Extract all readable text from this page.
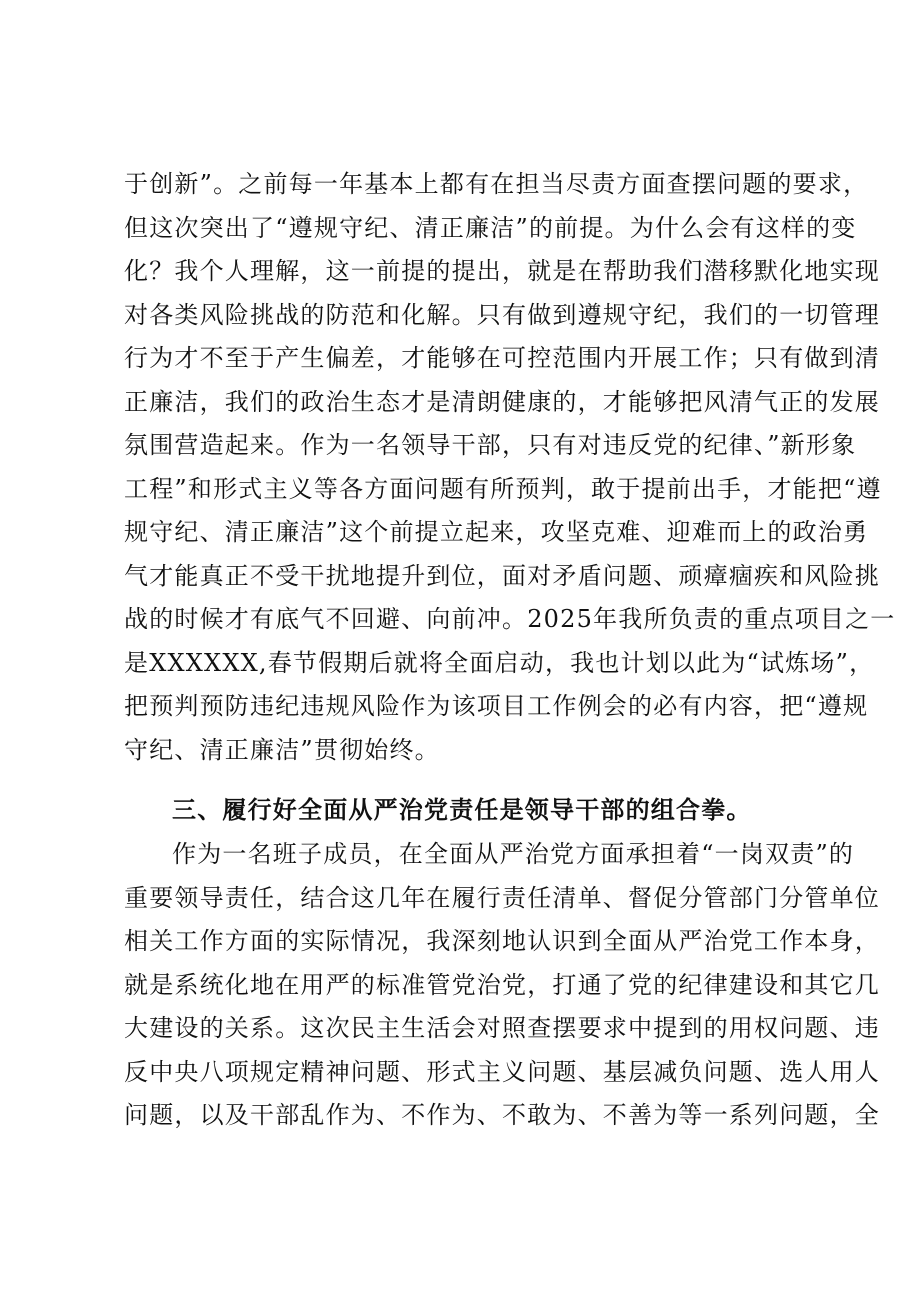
于创新”。之前每一年基本上都有在担当尽责方面查摆问题的要求，
但这次突出了“遵规守纪、清正廉洁”的前提。为什么会有这样的变
化？我个人理解，这一前提的提出，就是在帮助我们潜移默化地实现
对各类风险挑战的防范和化解。只有做到遵规守纪，我们的一切管理
行为才不至于产生偏差，才能够在可控范围内开展工作；只有做到清
正廉洁，我们的政治生态才是清朗健康的，才能够把风清气正的发展
氛围营造起来。作为一名领导干部，只有对违反党的纪律、”新形象
工程”和形式主义等各方面问题有所预判，敢于提前出手，才能把“遵
规守纪、清正廉洁”这个前提立起来，攻坚克难、迎难而上的政治勇
气才能真正不受干扰地提升到位，面对矛盾问题、顽瘴痼疾和风险挑
战的时候才有底气不回避、向前冲。2025年我所负责的重点项目之一
是XXXXXX,春节假期后就将全面启动，我也计划以此为“试炼场”，
把预判预防违纪违规风险作为该项目工作例会的必有内容，把“遵规
守纪、清正廉洁”贯彻始终。
三、履行好全面从严治党责任是领导干部的组合拳。
作为一名班子成员，在全面从严治党方面承担着“一岗双责”的
重要领导责任，结合这几年在履行责任清单、督促分管部门分管单位
相关工作方面的实际情况，我深刻地认识到全面从严治党工作本身，
就是系统化地在用严的标准管党治党，打通了党的纪律建设和其它几
大建设的关系。这次民主生活会对照查摆要求中提到的用权问题、违
反中央八项规定精神问题、形式主义问题、基层减负问题、选人用人
问题，以及干部乱作为、不作为、不敢为、不善为等一系列问题，全
